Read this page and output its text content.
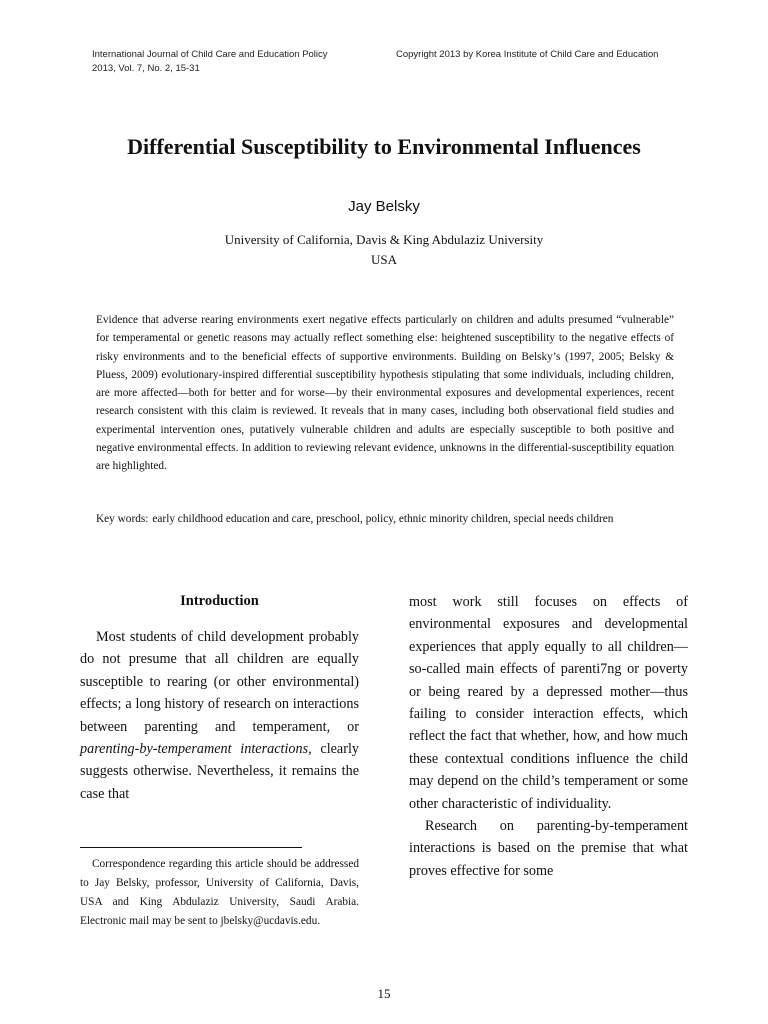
International Journal of Child Care and Education Policy
2013, Vol. 7, No. 2, 15-31
Copyright 2013 by Korea Institute of Child Care and Education
Differential Susceptibility to Environmental Influences
Jay Belsky
University of California, Davis & King Abdulaziz University
USA
Evidence that adverse rearing environments exert negative effects particularly on children and adults presumed “vulnerable” for temperamental or genetic reasons may actually reflect something else: heightened susceptibility to the negative effects of risky environments and to the beneficial effects of supportive environments. Building on Belsky’s (1997, 2005; Belsky & Pluess, 2009) evolutionary-inspired differential susceptibility hypothesis stipulating that some individuals, including children, are more affected—both for better and for worse—by their environmental exposures and developmental experiences, recent research consistent with this claim is reviewed. It reveals that in many cases, including both observational field studies and experimental intervention ones, putatively vulnerable children and adults are especially susceptible to both positive and negative environmental effects. In addition to reviewing relevant evidence, unknowns in the differential-susceptibility equation are highlighted.
Key words: early childhood education and care, preschool, policy, ethnic minority children, special needs children
Introduction

Most students of child development probably do not presume that all children are equally susceptible to rearing (or other environmental) effects; a long history of research on interactions between parenting and temperament, or parenting-by-temperament interactions, clearly suggests otherwise. Nevertheless, it remains the case that

most work still focuses on effects of environmental exposures and developmental experiences that apply equally to all children—so-called main effects of parenti7ng or poverty or being reared by a depressed mother—thus failing to consider interaction effects, which reflect the fact that whether, how, and how much these contextual conditions influence the child may depend on the child’s temperament or some other characteristic of individuality.

Research on parenting-by-temperament interactions is based on the premise that what proves effective for some

Correspondence regarding this article should be addressed to Jay Belsky, professor, University of California, Davis, USA and King Abdulaziz University, Saudi Arabia. Electronic mail may be sent to jbelsky@ucdavis.edu.
15
